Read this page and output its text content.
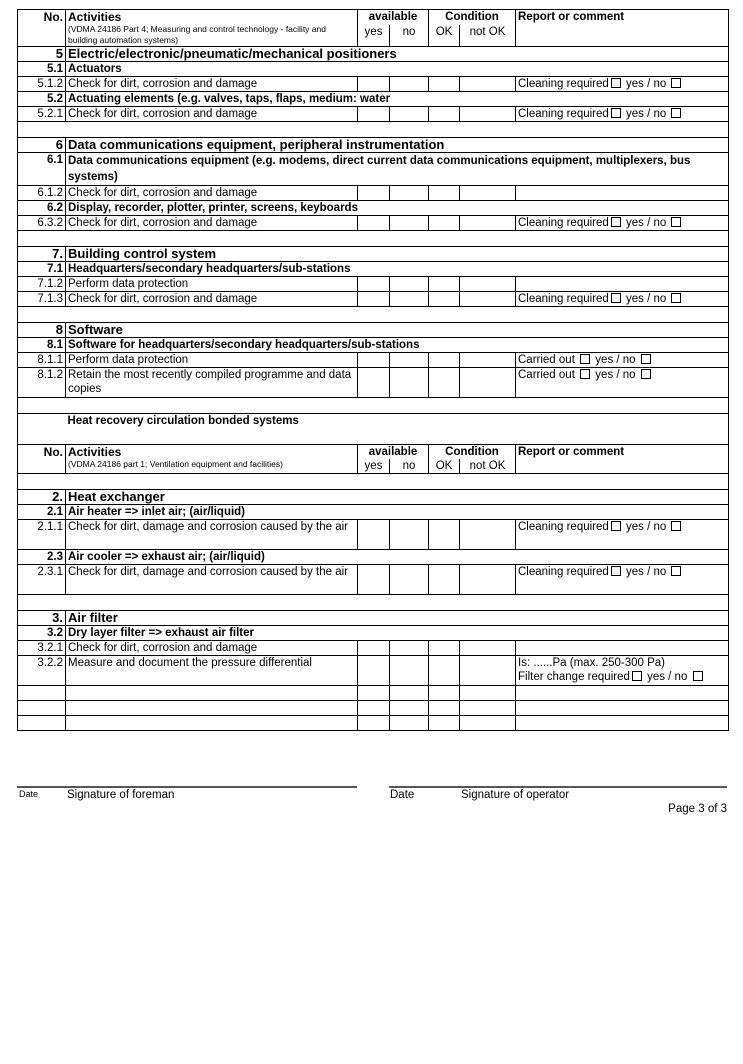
No.	Activities
(VDMA 24186 Part 4; Measuring and control technology - facility and building automation systems)	available		Condition		Report or comment
		yes	no	OK	not OK	
5	Electric/electronic/pneumatic/mechanical positioners					
5.1	Actuators					
5.1.2	Check for dirt, corrosion and damage					Cleaning required yes / no
5.2	Actuating elements (e.g. valves, taps, flaps, medium: water					
5.2.1	Check for dirt, corrosion and damage					Cleaning required yes / no

6	Data communications equipment, peripheral instrumentation					
6.1	Data communications equipment (e.g. modems, direct current data communications equipment, multiplexers, bus systems)					
6.1.2	Check for dirt, corrosion and damage					
6.2	Display, recorder, plotter, printer, screens, keyboards					
6.3.2	Check for dirt, corrosion and damage					Cleaning required yes / no

7.	Building control system					
7.1	Headquarters/secondary headquarters/sub-stations					
7.1.2	Perform data protection					
7.1.3	Check for dirt, corrosion and damage					Cleaning required yes / no

8	Software					
8.1	Software for headquarters/secondary headquarters/sub-stations					
8.1.1	Perform data protection					Carried out yes / no
8.1.2	Retain the most recently compiled programme and data copies					Carried out yes / no

	Heat recovery circulation bonded systems					
No.	Activities
(VDMA 24186 part 1; Ventilation equipment and facilities)	available		Condition		Report or comment
		yes	no	OK	not OK	

2.	Heat exchanger					
2.1	Air heater => inlet air; (air/liquid)					
2.1.1	Check for dirt, damage and corrosion caused by the air					Cleaning required yes / no
2.3	Air cooler => exhaust air; (air/liquid)					
2.3.1	Check for dirt, damage and corrosion caused by the air					Cleaning required yes / no

3.	Air filter					
3.2	Dry layer filter => exhaust air filter					
3.2.1	Check for dirt, corrosion and damage					
3.2.2	Measure and document the pressure differential					Is: ......Pa (max. 250-300 Pa)
Filter change required yes / no

Date	Signature of foreman	Date	Signature of operator
Page 3 of 3
